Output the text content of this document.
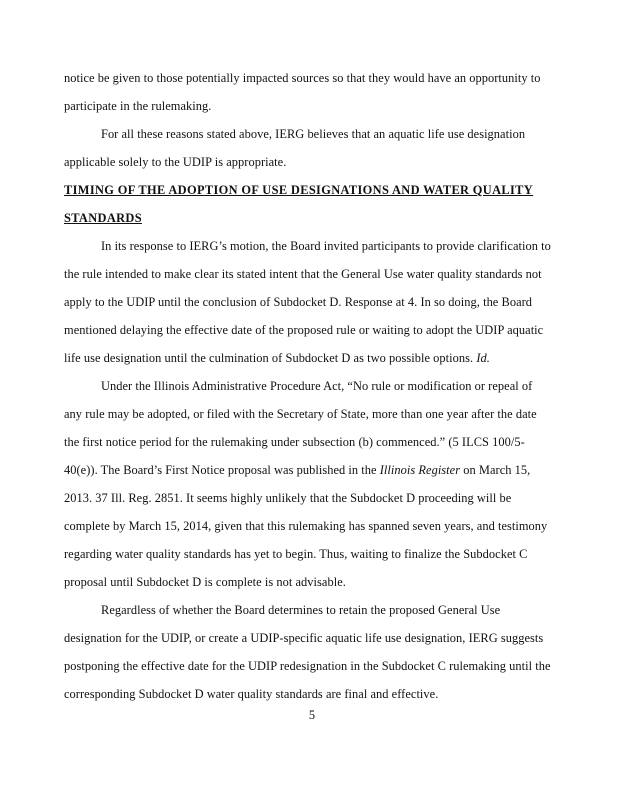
notice be given to those potentially impacted sources so that they would have an opportunity to
participate in the rulemaking.
For all these reasons stated above, IERG believes that an aquatic life use designation
applicable solely to the UDIP is appropriate.
TIMING OF THE ADOPTION OF USE DESIGNATIONS AND WATER QUALITY
STANDARDS
In its response to IERG’s motion, the Board invited participants to provide clarification to
the rule intended to make clear its stated intent that the General Use water quality standards not
apply to the UDIP until the conclusion of Subdocket D. Response at 4. In so doing, the Board
mentioned delaying the effective date of the proposed rule or waiting to adopt the UDIP aquatic
life use designation until the culmination of Subdocket D as two possible options. Id.
Under the Illinois Administrative Procedure Act, “No rule or modification or repeal of
any rule may be adopted, or filed with the Secretary of State, more than one year after the date
the first notice period for the rulemaking under subsection (b) commenced.” (5 ILCS 100/5-
40(e)). The Board’s First Notice proposal was published in the Illinois Register on March 15,
2013. 37 Ill. Reg. 2851. It seems highly unlikely that the Subdocket D proceeding will be
complete by March 15, 2014, given that this rulemaking has spanned seven years, and testimony
regarding water quality standards has yet to begin. Thus, waiting to finalize the Subdocket C
proposal until Subdocket D is complete is not advisable.
Regardless of whether the Board determines to retain the proposed General Use
designation for the UDIP, or create a UDIP-specific aquatic life use designation, IERG suggests
postponing the effective date for the UDIP redesignation in the Subdocket C rulemaking until the
corresponding Subdocket D water quality standards are final and effective.
5
